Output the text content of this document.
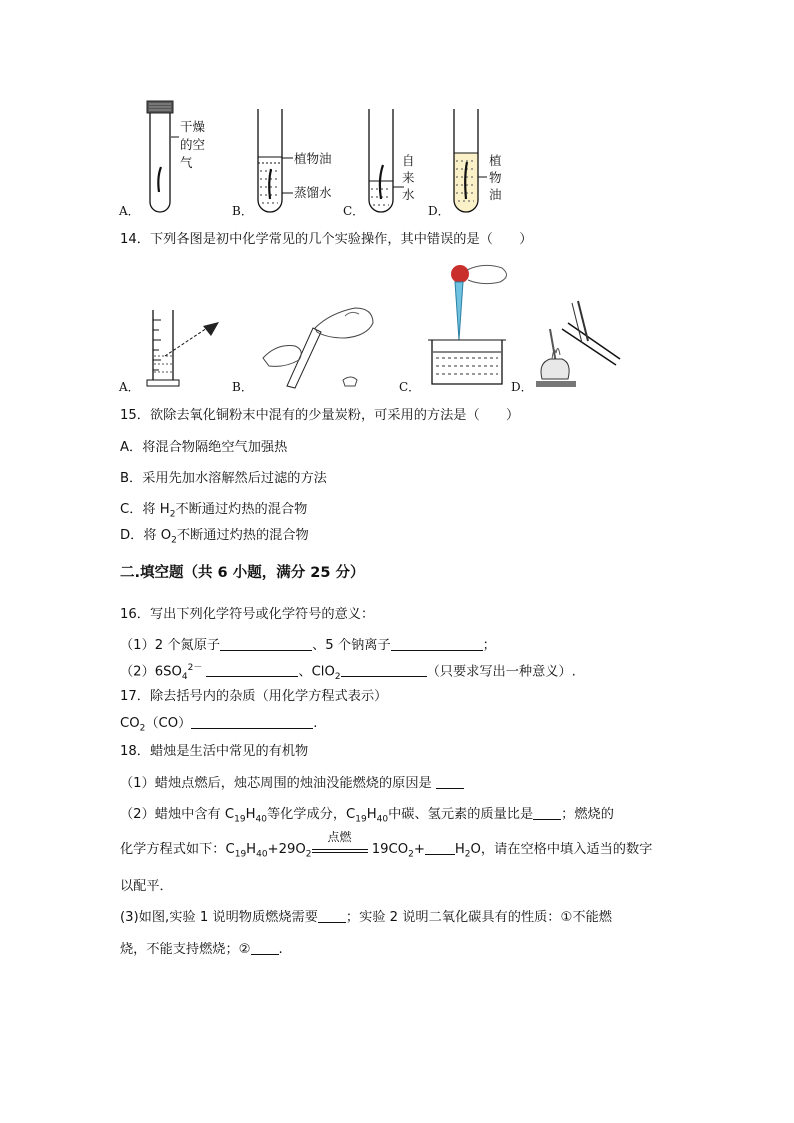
A．
干燥
的空
气
B．
植物油
蒸馏水
C．
自
来
水
D．
植
物
油
14．下列各图是初中化学常见的几个实验操作，其中错误的是（　　）
A．	B．	C．	D．
15．欲除去氧化铜粉末中混有的少量炭粉，可采用的方法是（　　）
A．将混合物隔绝空气加强热
B．采用先加水溶解然后过滤的方法
C．将 $H_2$不断通过灼热的混合物
D．将 $O_2$不断通过灼热的混合物
二.填空题（共 6 小题，满分 25 分）
16．写出下列化学符号或化学符号的意义：
（1）2 个氮原子	、5 个钠离子	；
$(2)6SO_4^{2-}$	、ClO$_2$	（只要求写出一种意义）.
17．除去括号内的杂质（用化学方程式表示）
$CO_2(CO)$	.
18．蜡烛是生活中常见的有机物
（1）蜡烛点燃后，烛芯周围的烛油没能燃烧的原因是
（2）蜡烛中含有 $C_{19}H_{40}$等化学成分，$C_{19}H_{40}$中碳、氢元素的质量比是 ；燃烧的
化学方程式如下：$C_{19}H_{40}+29O_2$
点燃
$19CO_2+ H_2O$，请在空格中填入适当的数字
以配平．
(3)如图,实验 1 说明物质燃烧需要 ；实验 2 说明二氧化碳具有的性质：①不能燃
烧，不能支持燃烧；② .
